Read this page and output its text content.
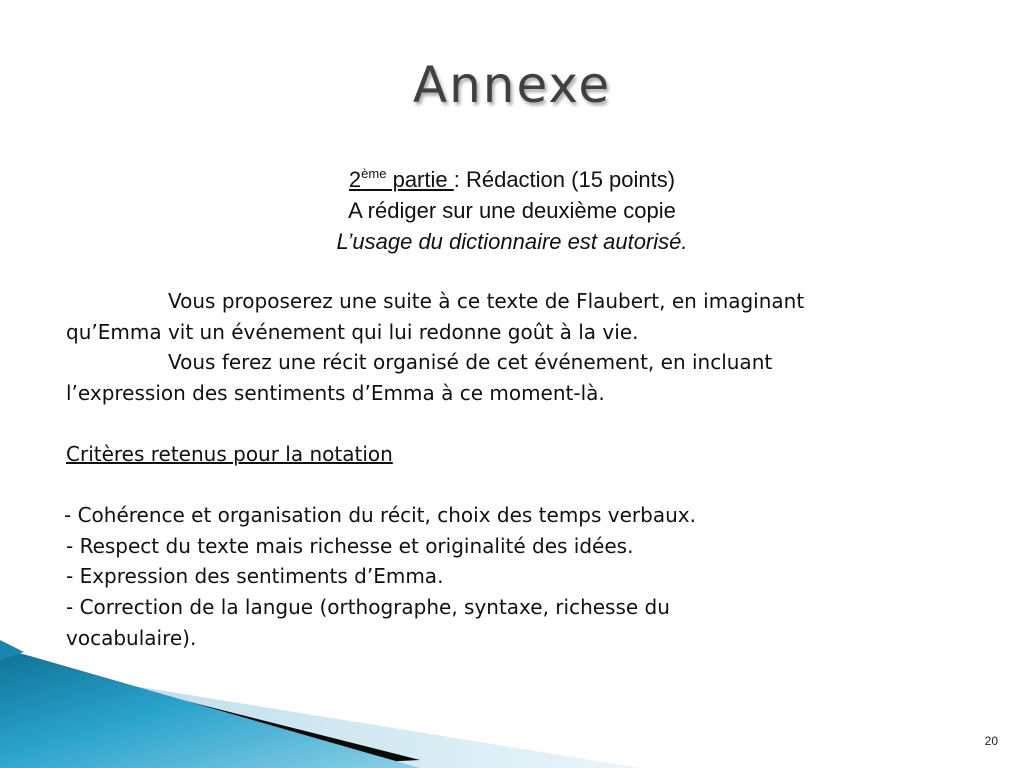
Annexe
2ème partie : Rédaction (15 points)
A rédiger sur une deuxième copie
L’usage du dictionnaire est autorisé.

Vous proposerez une suite à ce texte de Flaubert, en imaginant

qu’Emma vit un événement qui lui redonne goût à la vie.

Vous ferez une récit organisé de cet événement, en incluant

l’expression des sentiments d’Emma à ce moment-là.

Critères retenus pour la notation

- Cohérence et organisation du récit, choix des temps verbaux.
- Respect du texte mais richesse et originalité des idées.
- Expression des sentiments d’Emma.
- Correction de la langue (orthographe, syntaxe, richesse du
vocabulaire).
20
